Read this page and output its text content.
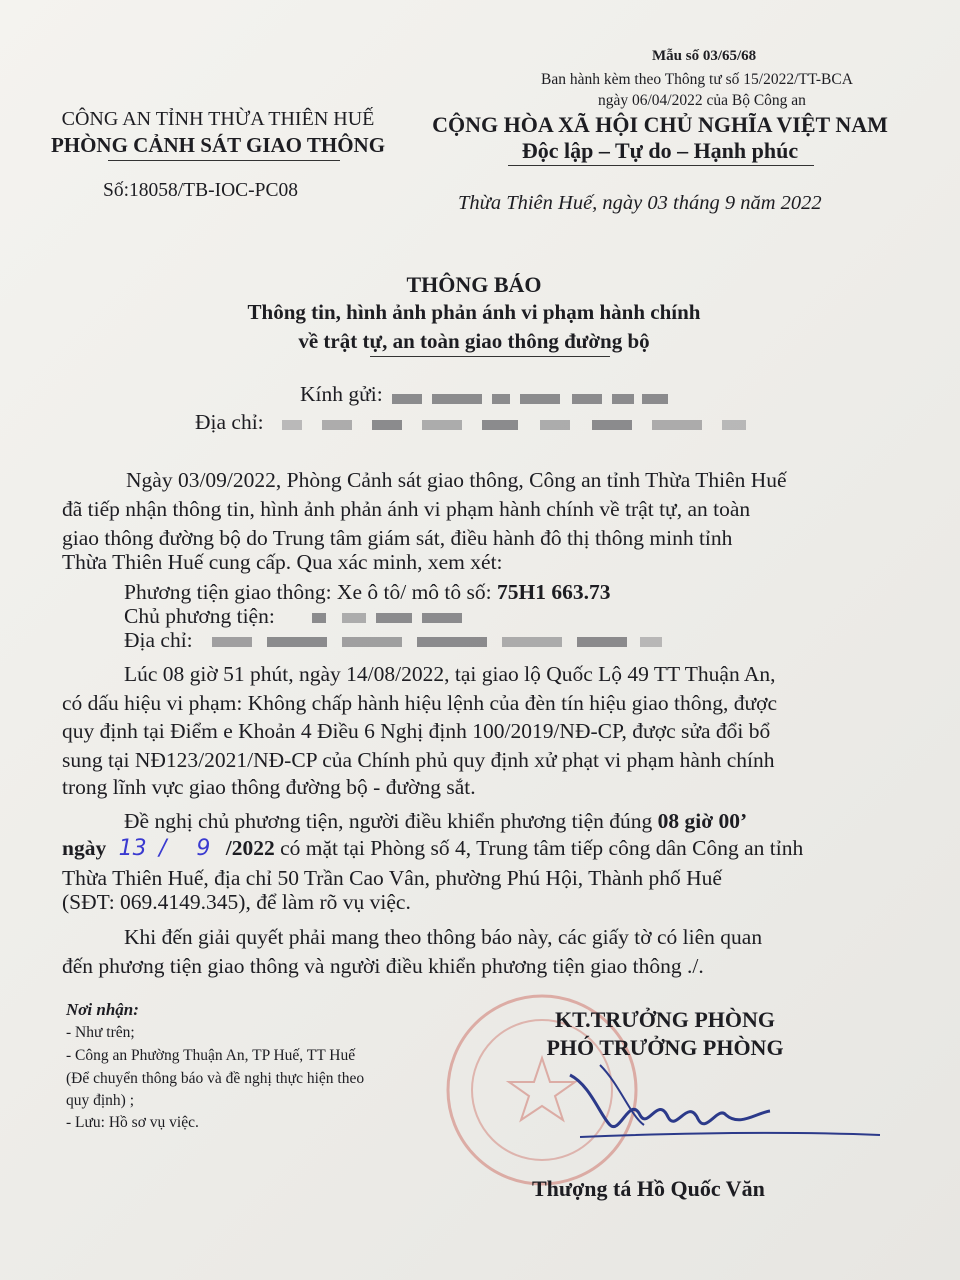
Mẫu số 03/65/68
Ban hành kèm theo Thông tư số 15/2022/TT-BCA
ngày 06/04/2022 của Bộ Công an
CÔNG AN TỈNH THỪA THIÊN HUẾ
PHÒNG CẢNH SÁT GIAO THÔNG
Số:18058/TB-IOC-PC08
CỘNG HÒA XÃ HỘI CHỦ NGHĨA VIỆT NAM
Độc lập – Tự do – Hạnh phúc
Thừa Thiên Huế, ngày 03 tháng 9 năm 2022
THÔNG BÁO
Thông tin, hình ảnh phản ánh vi phạm hành chính
về trật tự, an toàn giao thông đường bộ
Kính gửi:
Địa chỉ:
Ngày 03/09/2022, Phòng Cảnh sát giao thông, Công an tỉnh Thừa Thiên Huế
đã tiếp nhận thông tin, hình ảnh phản ánh vi phạm hành chính về trật tự, an toàn
giao thông đường bộ do Trung tâm giám sát, điều hành đô thị thông minh tỉnh
Thừa Thiên Huế cung cấp. Qua xác minh, xem xét:
Phương tiện giao thông: Xe ô tô/ mô tô số: 75H1 663.73
Chủ phương tiện:
Địa chỉ:
Lúc 08 giờ 51 phút, ngày 14/08/2022, tại giao lộ Quốc Lộ 49 TT Thuận An,
có dấu hiệu vi phạm: Không chấp hành hiệu lệnh của đèn tín hiệu giao thông, được
quy định tại Điểm e Khoản 4 Điều 6 Nghị định 100/2019/NĐ-CP, được sửa đổi bổ
sung tại NĐ123/2021/NĐ-CP của Chính phủ quy định xử phạt vi phạm hành chính
trong lĩnh vực giao thông đường bộ - đường sắt.
Đề nghị chủ phương tiện, người điều khiển phương tiện đúng 08 giờ 00’
ngày 13 / 9 /2022 có mặt tại Phòng số 4, Trung tâm tiếp công dân Công an tỉnh
Thừa Thiên Huế, địa chỉ 50 Trần Cao Vân, phường Phú Hội, Thành phố Huế
(SĐT: 069.4149.345), để làm rõ vụ việc.
Khi đến giải quyết phải mang theo thông báo này, các giấy tờ có liên quan
đến phương tiện giao thông và người điều khiển phương tiện giao thông ./.
Nơi nhận:
- Như trên;
- Công an Phường Thuận An, TP Huế, TT Huế
(Để chuyển thông báo và đề nghị thực hiện theo
quy định) ;
- Lưu: Hồ sơ vụ việc.
KT.TRƯỞNG PHÒNG
PHÓ TRƯỞNG PHÒNG
Thượng tá Hồ Quốc Văn
